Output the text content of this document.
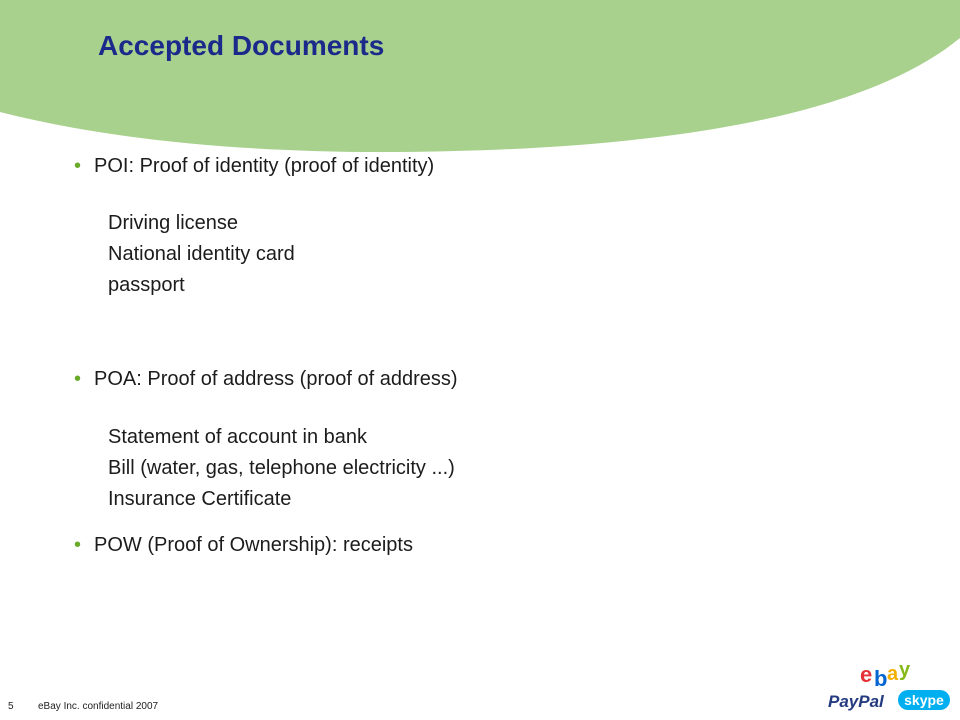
Accepted Documents
• POI: Proof of identity (proof of identity)
Driving license
National identity card
passport
• POA: Proof of address (proof of address)
Statement of account in bank
Bill (water, gas, telephone electricity ...)
Insurance Certificate
• POW (Proof of Ownership): receipts
5 eBay Inc. confidential 2007
e b a y
PayPal skype
